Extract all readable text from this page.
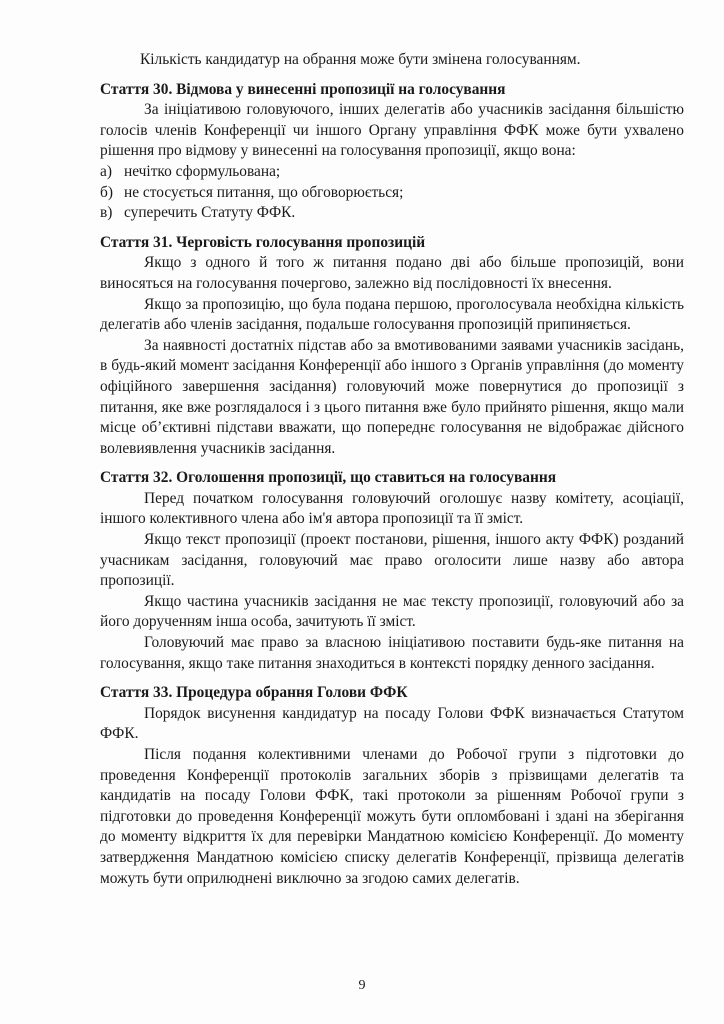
Кількість кандидатур на обрання може бути змінена голосуванням.

Стаття 30. Відмова у винесенні пропозиції на голосування

За ініціативою головуючого, інших делегатів або учасників засідання більшістю голосів членів Конференції чи іншого Органу управління ФФК може бути ухвалено рішення про відмову у винесенні на голосування пропозиції, якщо вона:

а) нечітко сформульована;
б) не стосується питання, що обговорюється;
в) суперечить Статуту ФФК.

Стаття 31. Черговість голосування пропозицій

Якщо з одного й того ж питання подано дві або більше пропозицій, вони виносяться на голосування почергово, залежно від послідовності їх внесення.

Якщо за пропозицію, що була подана першою, проголосувала необхідна кількість делегатів або членів засідання, подальше голосування пропозицій припиняється.

За наявності достатніх підстав або за вмотивованими заявами учасників засідань, в будь-який момент засідання Конференції або іншого з Органів управління (до моменту офіційного завершення засідання) головуючий може повернутися до пропозиції з питання, яке вже розглядалося і з цього питання вже було прийнято рішення, якщо мали місце об’єктивні підстави вважати, що попереднє голосування не відображає дійсного волевиявлення учасників засідання.

Стаття 32. Оголошення пропозиції, що ставиться на голосування

Перед початком голосування головуючий оголошує назву комітету, асоціації, іншого колективного члена або ім'я автора пропозиції та її зміст.

Якщо текст пропозиції (проект постанови, рішення, іншого акту ФФК) розданий учасникам засідання, головуючий має право оголосити лише назву або автора пропозиції.

Якщо частина учасників засідання не має тексту пропозиції, головуючий або за його дорученням інша особа, зачитують її зміст.

Головуючий має право за власною ініціативою поставити будь-яке питання на голосування, якщо таке питання знаходиться в контексті порядку денного засідання.

Стаття 33. Процедура обрання Голови ФФК

Порядок висунення кандидатур на посаду Голови ФФК визначається Статутом ФФК.

Після подання колективними членами до Робочої групи з підготовки до проведення Конференції протоколів загальних зборів з прізвищами делегатів та кандидатів на посаду Голови ФФК, такі протоколи за рішенням Робочої групи з підготовки до проведення Конференції можуть бути опломбовані і здані на зберігання до моменту відкриття їх для перевірки Мандатною комісією Конференції. До моменту затвердження Мандатною комісією списку делегатів Конференції, прізвища делегатів можуть бути оприлюднені виключно за згодою самих делегатів.

9
